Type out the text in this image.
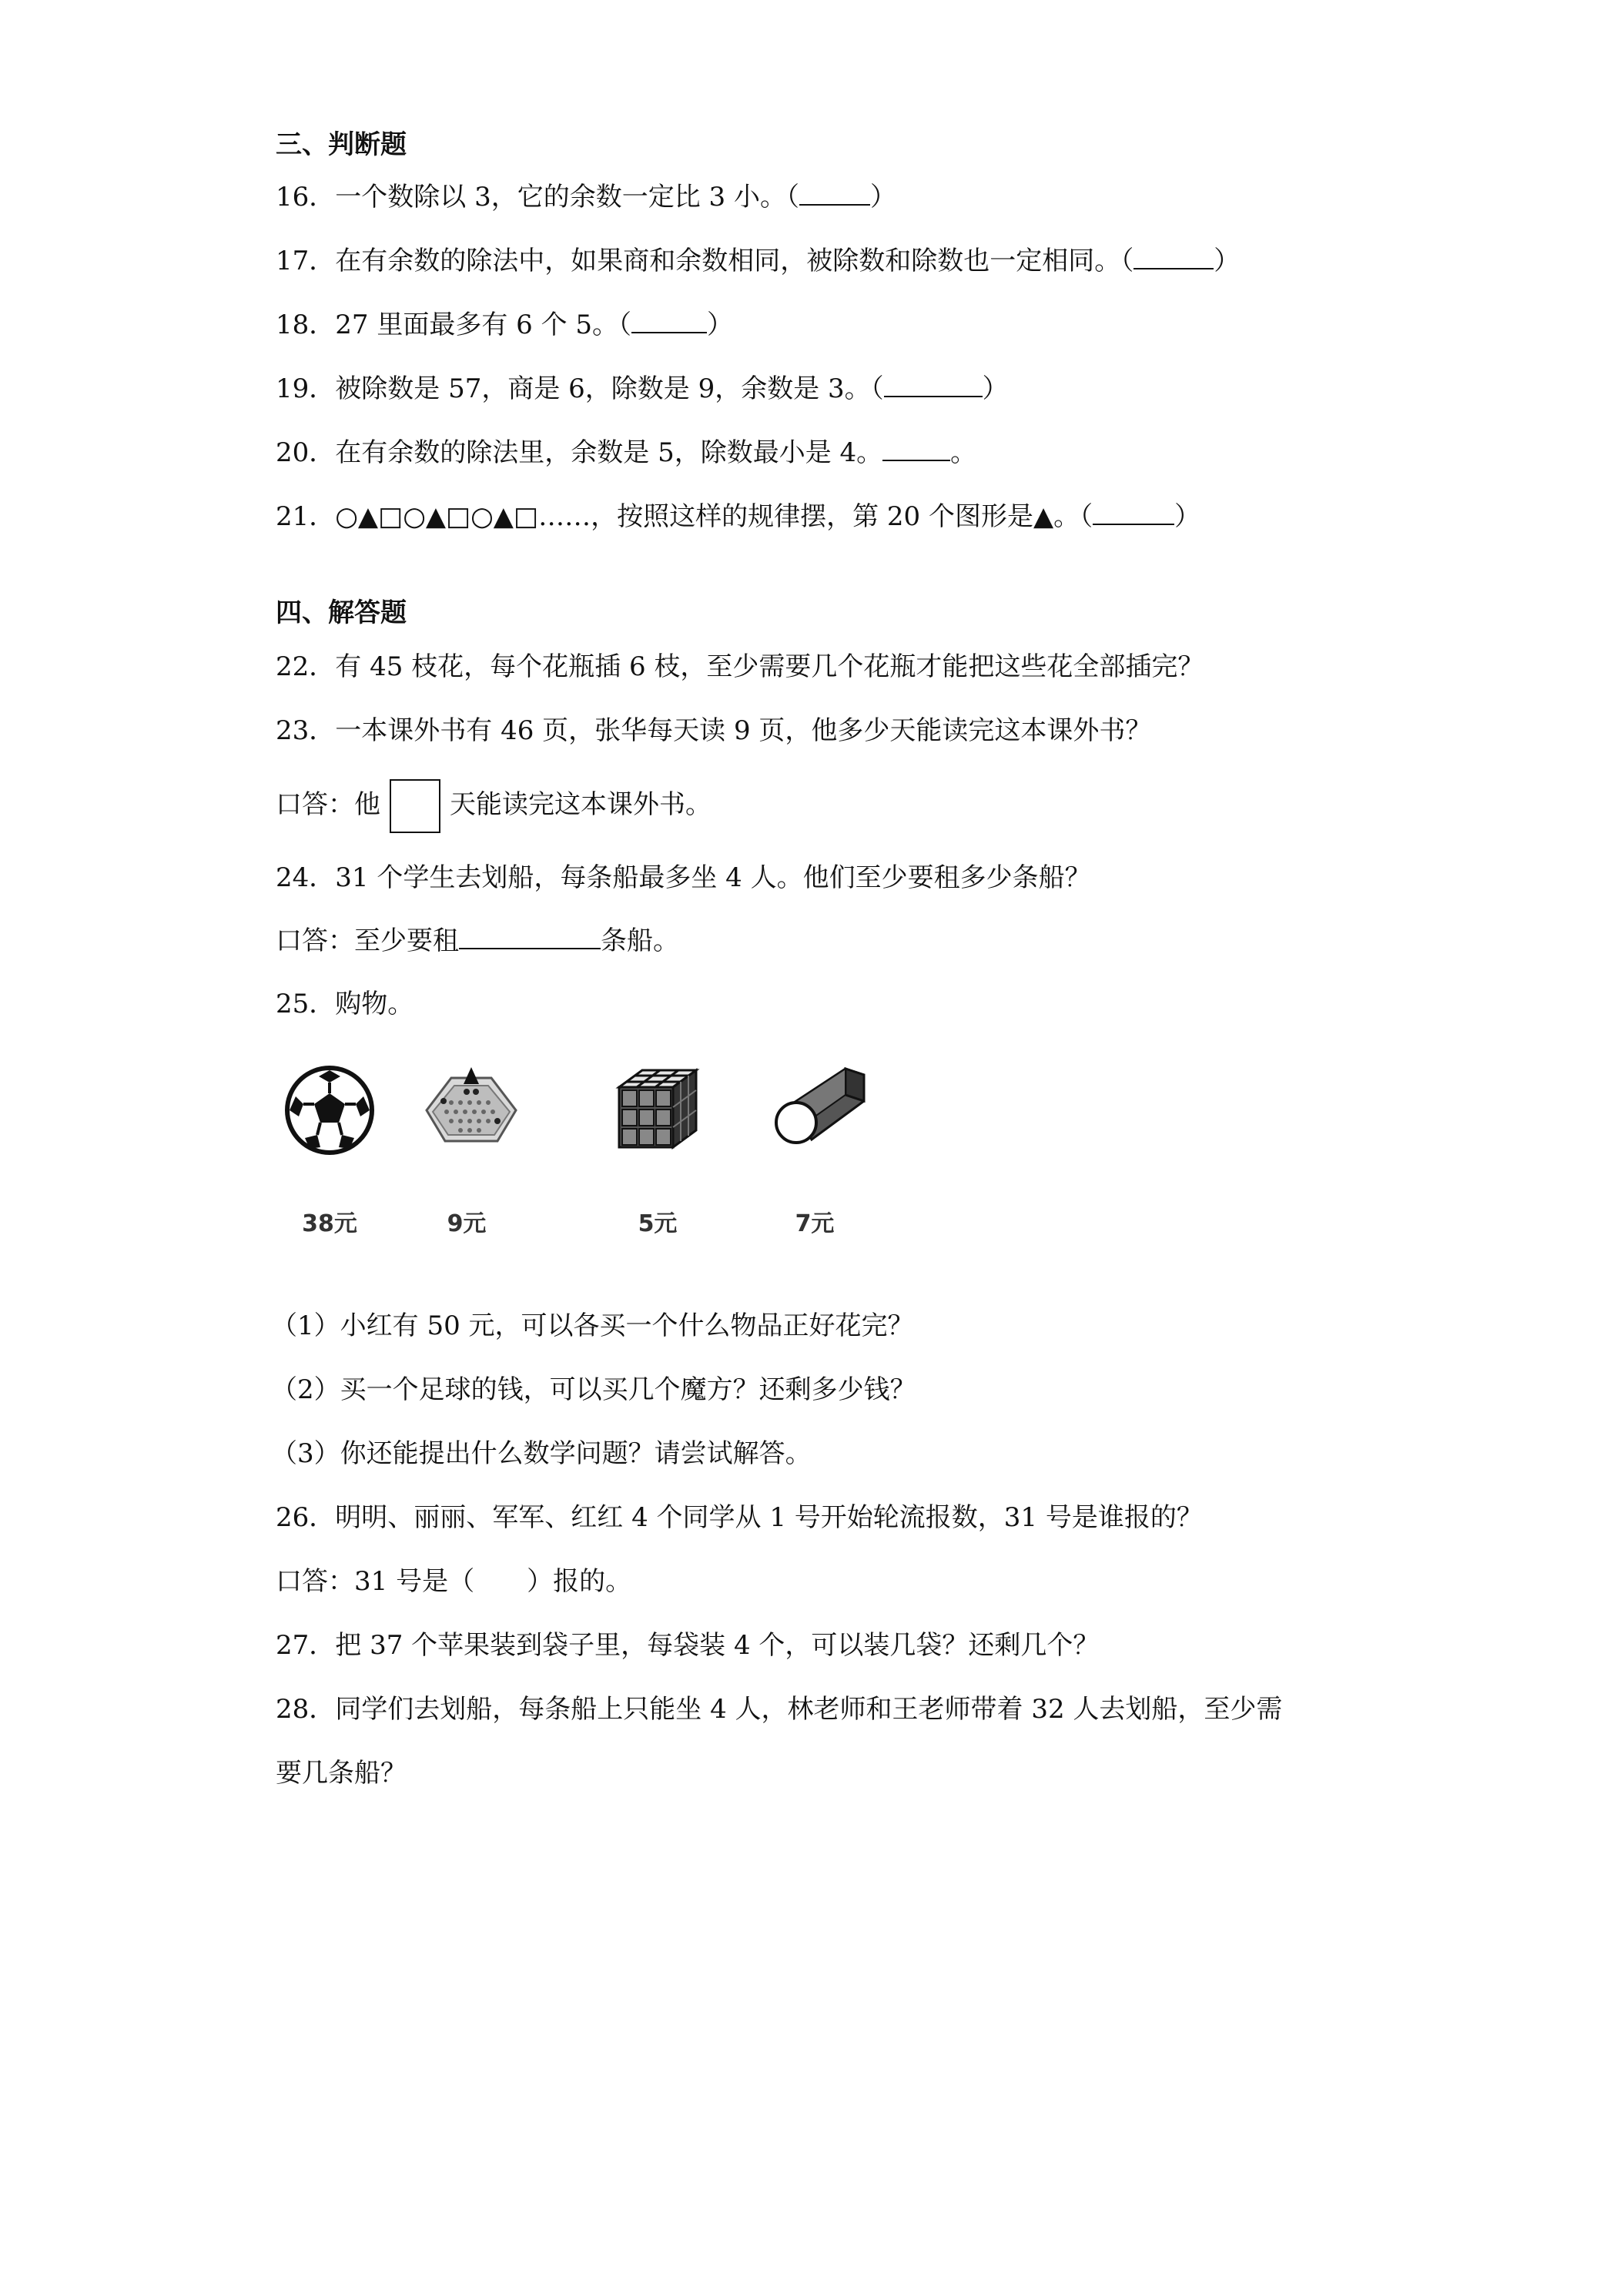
三、判断题
16．一个数除以 3，它的余数一定比 3 小。（	）
17．在有余数的除法中，如果商和余数相同，被除数和除数也一定相同。（	）
18．27 里面最多有 6 个 5。（	）
19．被除数是 57，商是 6，除数是 9，余数是 3。（	）
20．在有余数的除法里，余数是 5，除数最小是 4。	。
21．○▲□○▲□○▲□……，按照这样的规律摆，第 20 个图形是▲。（	）
四、解答题
22．有 45 枝花，每个花瓶插 6 枝，至少需要几个花瓶才能把这些花全部插完？
23．一本课外书有 46 页，张华每天读 9 页，他多少天能读完这本课外书？
口答：他	天能读完这本课外书。
24．31 个学生去划船，每条船最多坐 4 人。他们至少要租多少条船？
口答：至少要租	条船。
25．购物。
38元	9元	5元	7元
（1）小红有 50 元，可以各买一个什么物品正好花完？
（2）买一个足球的钱，可以买几个魔方？还剩多少钱？
（3）你还能提出什么数学问题？请尝试解答。
26．明明、丽丽、军军、红红 4 个同学从 1 号开始轮流报数，31 号是谁报的？
口答：31 号是（　　）报的。
27．把 37 个苹果装到袋子里，每袋装 4 个，可以装几袋？还剩几个？
28．同学们去划船，每条船上只能坐 4 人，林老师和王老师带着 32 人去划船，至少需
要几条船？
